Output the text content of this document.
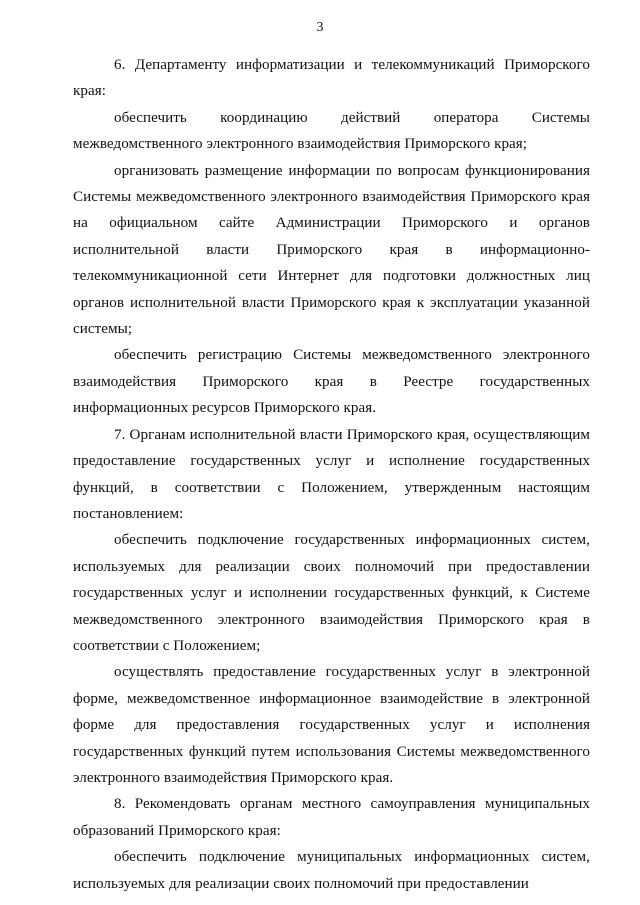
3

6. Департаменту информатизации и телекоммуникаций Приморского края:

обеспечить координацию действий оператора Системы межведомственного электронного взаимодействия Приморского края;

организовать размещение информации по вопросам функционирования Системы межведомственного электронного взаимодействия Приморского края на официальном сайте Администрации Приморского и органов исполнительной власти Приморского края в информационно-телекоммуникационной сети Интернет для подготовки должностных лиц органов исполнительной власти Приморского края к эксплуатации указанной системы;

обеспечить регистрацию Системы межведомственного электронного взаимодействия Приморского края в Реестре государственных информационных ресурсов Приморского края.

7. Органам исполнительной власти Приморского края, осуществляющим предоставление государственных услуг и исполнение государственных функций, в соответствии с Положением, утвержденным настоящим постановлением:

обеспечить подключение государственных информационных систем, используемых для реализации своих полномочий при предоставлении государственных услуг и исполнении государственных функций, к Системе межведомственного электронного взаимодействия Приморского края в соответствии с Положением;

осуществлять предоставление государственных услуг в электронной форме, межведомственное информационное взаимодействие в электронной форме для предоставления государственных услуг и исполнения государственных функций путем использования Системы межведомственного электронного взаимодействия Приморского края.

8. Рекомендовать органам местного самоуправления муниципальных образований Приморского края:

обеспечить подключение муниципальных информационных систем, используемых для реализации своих полномочий при предоставлении
